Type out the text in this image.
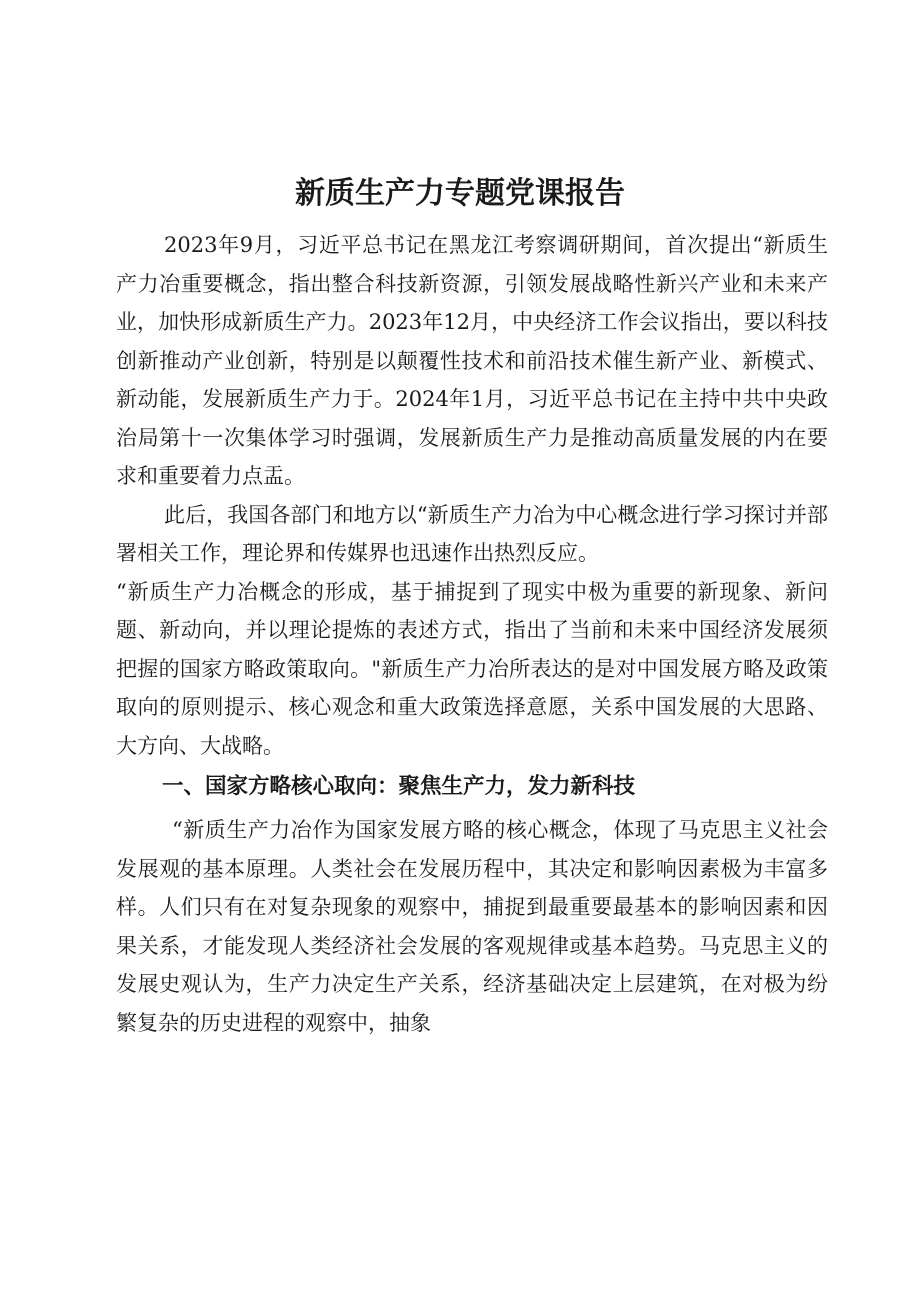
新质生产力专题党课报告

2023年9月，习近平总书记在黑龙江考察调研期间，首次提出“新质生产力冶重要概念，指出整合科技新资源，引领发展战略性新兴产业和未来产业，加快形成新质生产力。2023年12月，中央经济工作会议指出，要以科技创新推动产业创新，特别是以颠覆性技术和前沿技术催生新产业、新模式、新动能，发展新质生产力于。2024年1月，习近平总书记在主持中共中央政治局第十一次集体学习时强调，发展新质生产力是推动高质量发展的内在要求和重要着力点盂。

此后，我国各部门和地方以“新质生产力冶为中心概念进行学习探讨并部署相关工作，理论界和传媒界也迅速作出热烈反应。

“新质生产力冶概念的形成，基于捕捉到了现实中极为重要的新现象、新问题、新动向，并以理论提炼的表述方式，指出了当前和未来中国经济发展须把握的国家方略政策取向。"新质生产力冶所表达的是对中国发展方略及政策取向的原则提示、核心观念和重大政策选择意愿，关系中国发展的大思路、大方向、大战略。

一、国家方略核心取向：聚焦生产力，发力新科技

“新质生产力冶作为国家发展方略的核心概念，体现了马克思主义社会发展观的基本原理。人类社会在发展历程中，其决定和影响因素极为丰富多样。人们只有在对复杂现象的观察中，捕捉到最重要最基本的影响因素和因果关系，才能发现人类经济社会发展的客观规律或基本趋势。马克思主义的发展史观认为，生产力决定生产关系，经济基础决定上层建筑，在对极为纷繁复杂的历史进程的观察中，抽象
